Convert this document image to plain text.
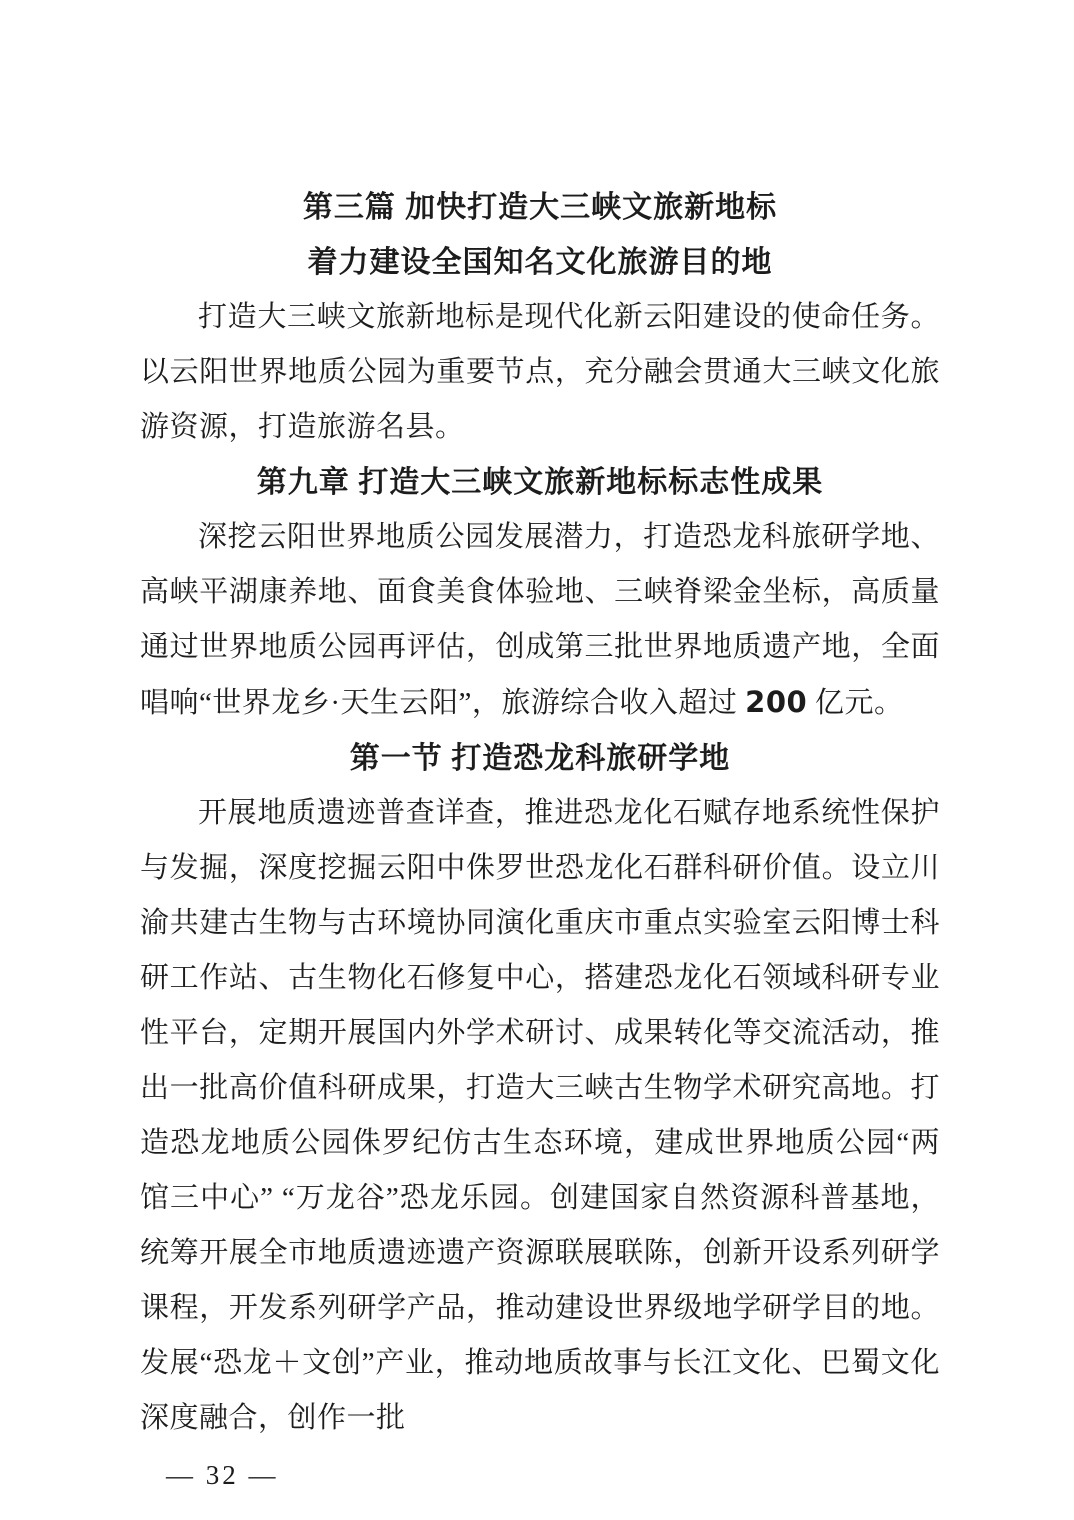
第三篇 加快打造大三峡文旅新地标
着力建设全国知名文化旅游目的地

打造大三峡文旅新地标是现代化新云阳建设的使命任务。以云阳世界地质公园为重要节点，充分融会贯通大三峡文化旅游资源，打造旅游名县。

第九章 打造大三峡文旅新地标标志性成果

深挖云阳世界地质公园发展潜力，打造恐龙科旅研学地、高峡平湖康养地、面食美食体验地、三峡脊梁金坐标，高质量通过世界地质公园再评估，创成第三批世界地质遗产地，全面唱响“世界龙乡·天生云阳”，旅游综合收入超过 200 亿元。

第一节 打造恐龙科旅研学地

开展地质遗迹普查详查，推进恐龙化石赋存地系统性保护与发掘，深度挖掘云阳中侏罗世恐龙化石群科研价值。设立川渝共建古生物与古环境协同演化重庆市重点实验室云阳博士科研工作站、古生物化石修复中心，搭建恐龙化石领域科研专业性平台，定期开展国内外学术研讨、成果转化等交流活动，推出一批高价值科研成果，打造大三峡古生物学术研究高地。打造恐龙地质公园侏罗纪仿古生态环境，建成世界地质公园“两馆三中心” “万龙谷”恐龙乐园。创建国家自然资源科普基地，统筹开展全市地质遗迹遗产资源联展联陈，创新开设系列研学课程，开发系列研学产品，推动建设世界级地学研学目的地。发展“恐龙＋文创”产业，推动地质故事与长江文化、巴蜀文化深度融合，创作一批

— 32 —
